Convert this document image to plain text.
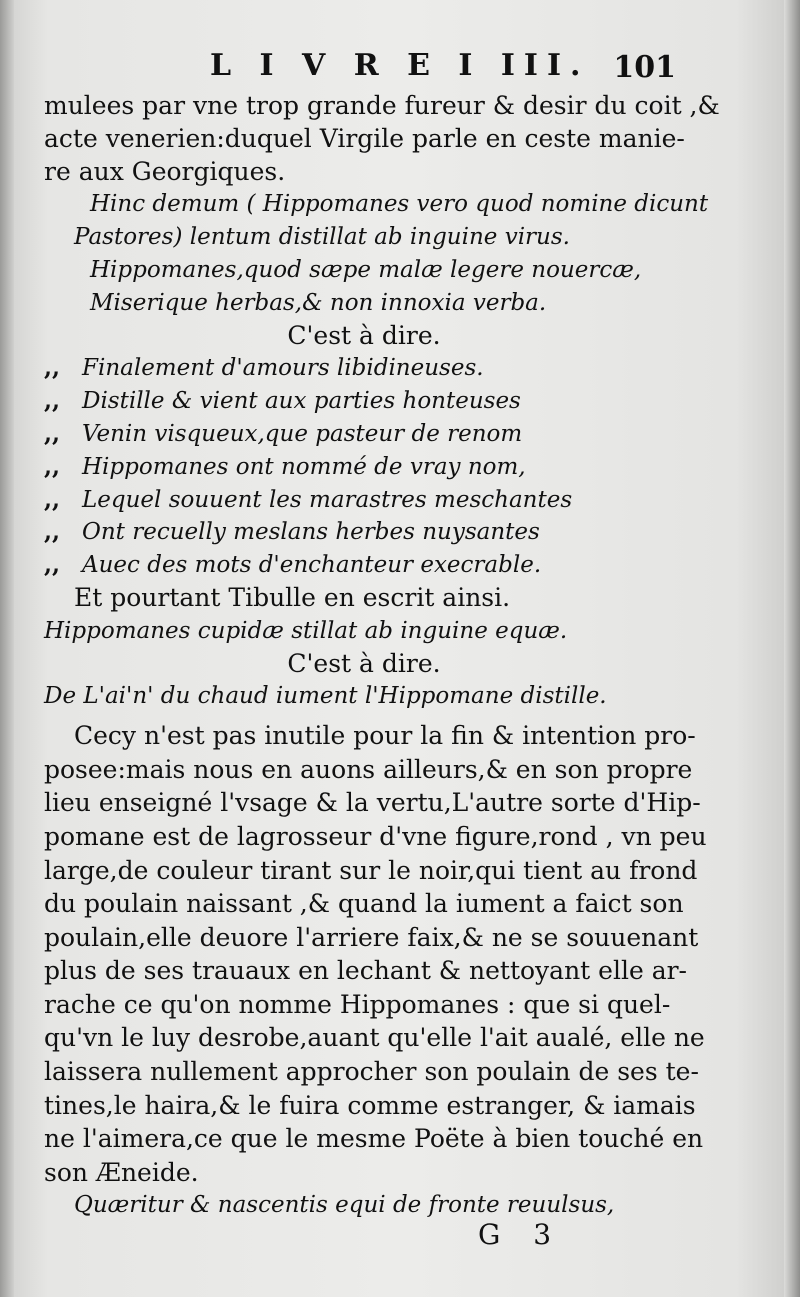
L I V R E I III. 101
mulees par vne trop grande fureur & desir du coit ,&
acte venerien:duquel Virgile parle en ceste manie-
re aux Georgiques.
Hinc demum ( Hippomanes vero quod nomine dicunt
Pastores) lentum distillat ab inguine virus.
Hippomanes,quod sæpe malæ legere nouercæ,
Miserique herbas,& non innoxia verba.
C'est à dire.
,, Finalement d'amours libidineuses.
,, Distille & vient aux parties honteuses
,, Venin visqueux,que pasteur de renom
,, Hippomanes ont nommé de vray nom,
,, Lequel souuent les marastres meschantes
,, Ont recuelly meslans herbes nuysantes
,, Auec des mots d'enchanteur execrable.
Et pourtant Tibulle en escrit ainsi.
Hippomanes cupidæ stillat ab inguine equæ.
C'est à dire.
De L'ai'n' du chaud iument l'Hippomane distille.
Cecy n'est pas inutile pour la fin & intention pro-
posee:mais nous en auons ailleurs,& en son propre
lieu enseigné l'vsage & la vertu,L'autre sorte d'Hip-
pomane est de lagrosseur d'vne figure,rond , vn peu
large,de couleur tirant sur le noir,qui tient au frond
du poulain naissant ,& quand la iument a faict son
poulain,elle deuore l'arriere faix,& ne se souuenant
plus de ses trauaux en lechant & nettoyant elle ar-
rache ce qu'on nomme Hippomanes : que si quel-
qu'vn le luy desrobe,auant qu'elle l'ait aualé, elle ne
laissera nullement approcher son poulain de ses te-
tines,le haira,& le fuira comme estranger, & iamais
ne l'aimera,ce que le mesme Poëte à bien touché en
son Æneide.
Quæritur & nascentis equi de fronte reuulsus,
G 3
